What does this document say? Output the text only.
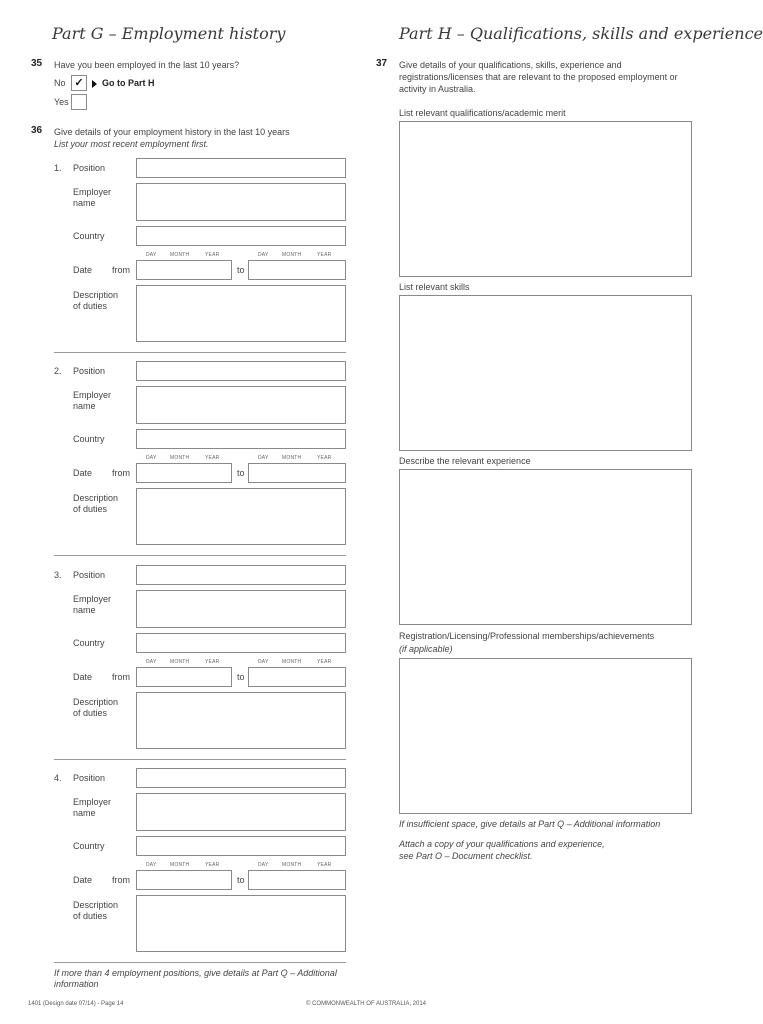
Part G – Employment history
35 Have you been employed in the last 10 years?
No ✓	Go to Part H
Yes
36 Give details of your employment history in the last 10 years
List your most recent employment first.
1. Position
Employer name
Country
DAY	MONTH	YEAR	DAY	MONTH	YEAR
Date from	to
Description of duties
2. Position
Employer name
Country
DAY	MONTH	YEAR	DAY	MONTH	YEAR
Date from	to
Description of duties
3. Position
Employer name
Country
DAY	MONTH	YEAR	DAY	MONTH	YEAR
Date from	to
Description of duties
4. Position
Employer name
Country
DAY	MONTH	YEAR	DAY	MONTH	YEAR
Date from	to
Description of duties
If more than 4 employment positions, give details at Part Q – Additional information
Part H – Qualifications, skills and experience
37 Give details of your qualifications, skills, experience and registrations/licenses that are relevant to the proposed employment or activity in Australia.
List relevant qualifications/academic merit
List relevant skills
Describe the relevant experience
Registration/Licensing/Professional memberships/achievements
(if applicable)
If insufficient space, give details at Part Q – Additional information
Attach a copy of your qualifications and experience, see Part O – Document checklist.
1401 (Design date 07/14) - Page 14	© COMMONWEALTH OF AUSTRALIA, 2014
